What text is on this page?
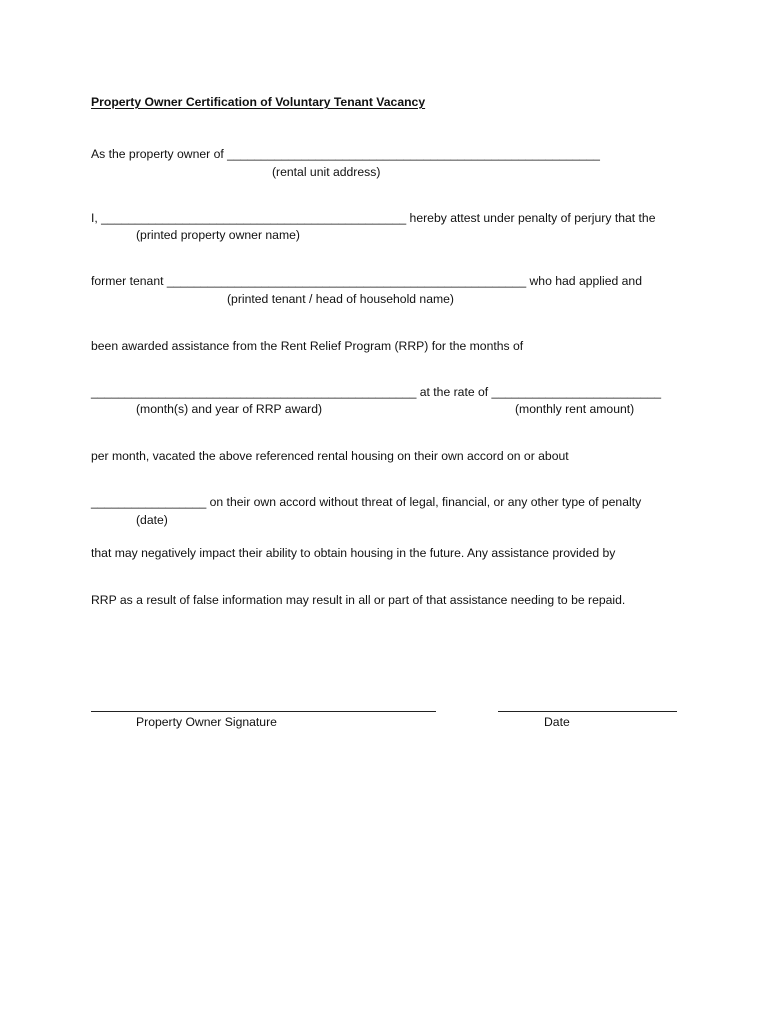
Property Owner Certification of Voluntary Tenant Vacancy
As the property owner of _______________________________________________________
(rental unit address)
I, _____________________________________________ hereby attest under penalty of perjury that the
(printed property owner name)
former tenant _____________________________________________________ who had applied and
(printed tenant / head of household name)
been awarded assistance from the Rent Relief Program (RRP) for the months of
________________________________________________ at the rate of _________________________
(month(s) and year of RRP award)	(monthly rent amount)
per month, vacated the above referenced rental housing on their own accord on or about
_________________ on their own accord without threat of legal, financial, or any other type of penalty
(date)
that may negatively impact their ability to obtain housing in the future. Any assistance provided by
RRP as a result of false information may result in all or part of that assistance needing to be repaid.
Property Owner Signature	Date
